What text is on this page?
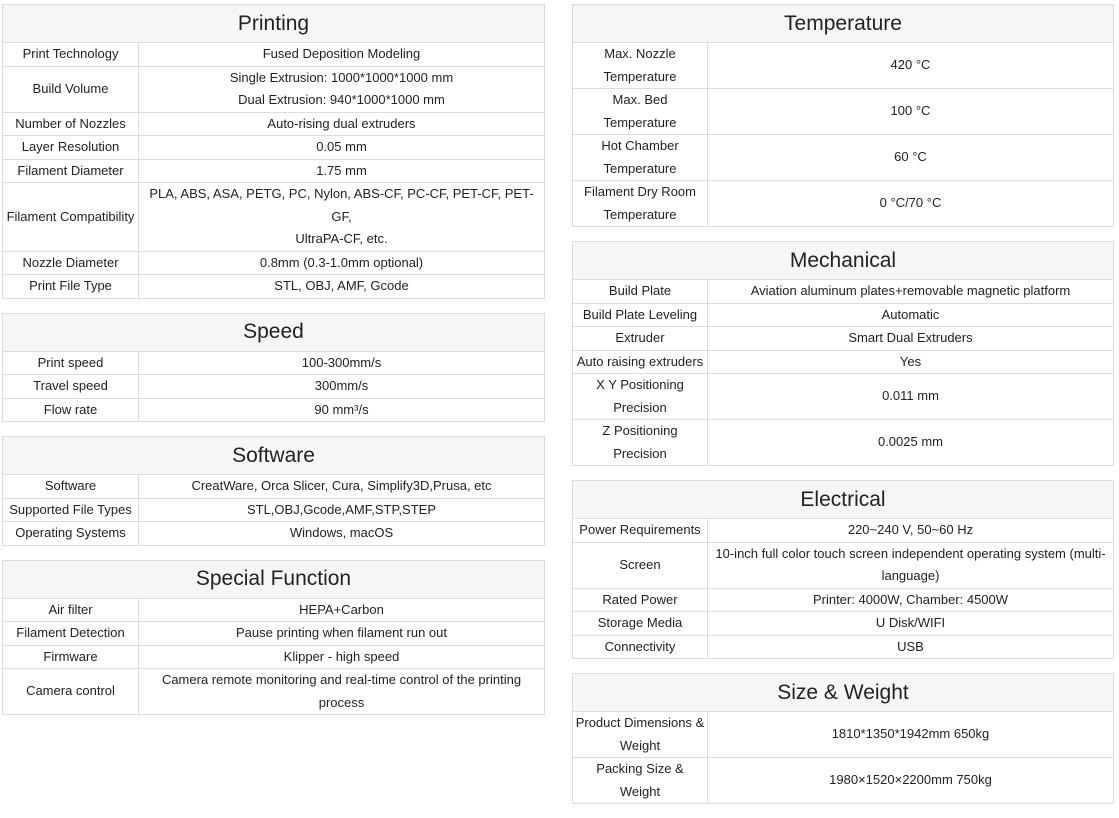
Printing	
Print Technology	Fused Deposition Modeling
Build Volume	Single Extrusion: 1000*1000*1000 mm
Dual Extrusion: 940*1000*1000 mm
Number of Nozzles	Auto-rising dual extruders
Layer Resolution	0.05 mm
Filament Diameter	1.75 mm
Filament Compatibility	PLA, ABS, ASA, PETG, PC, Nylon, ABS-CF, PC-CF, PET-CF, PET-GF,
UltraPA-CF, etc.
Nozzle Diameter	0.8mm (0.3-1.0mm optional)
Print File Type	STL, OBJ, AMF, Gcode
Speed	
Print speed	100-300mm/s
Travel speed	300mm/s
Flow rate	90 mm³/s
Software	
Software	CreatWare, Orca Slicer, Cura, Simplify3D,Prusa, etc
Supported File Types	STL,OBJ,Gcode,AMF,STP,STEP
Operating Systems	Windows, macOS
Special Function	
Air filter	HEPA+Carbon
Filament Detection	Pause printing when filament run out
Firmware	Klipper - high speed
Camera control	Camera remote monitoring and real-time control of the printing
process
Temperature	
Max. Nozzle
Temperature	420 °C
Max. Bed Temperature	100 °C
Hot Chamber
Temperature	60 °C
Filament Dry Room
Temperature	0 °C/70 °C
Mechanical	
Build Plate	Aviation aluminum plates+removable magnetic platform
Build Plate Leveling	Automatic
Extruder	Smart Dual Extruders
Auto raising extruders	Yes
X Y Positioning
Precision	0.011 mm
Z Positioning Precision	0.0025 mm
Electrical	
Power Requirements	220~240 V, 50~60 Hz
Screen	10-inch full color touch screen independent operating system (multi-
language)
Rated Power	Printer: 4000W, Chamber: 4500W
Storage Media	U Disk/WIFI
Connectivity	USB
Size & Weight	
Product Dimensions &
Weight	1810*1350*1942mm 650kg
Packing Size & Weight	1980×1520×2200mm 750kg
